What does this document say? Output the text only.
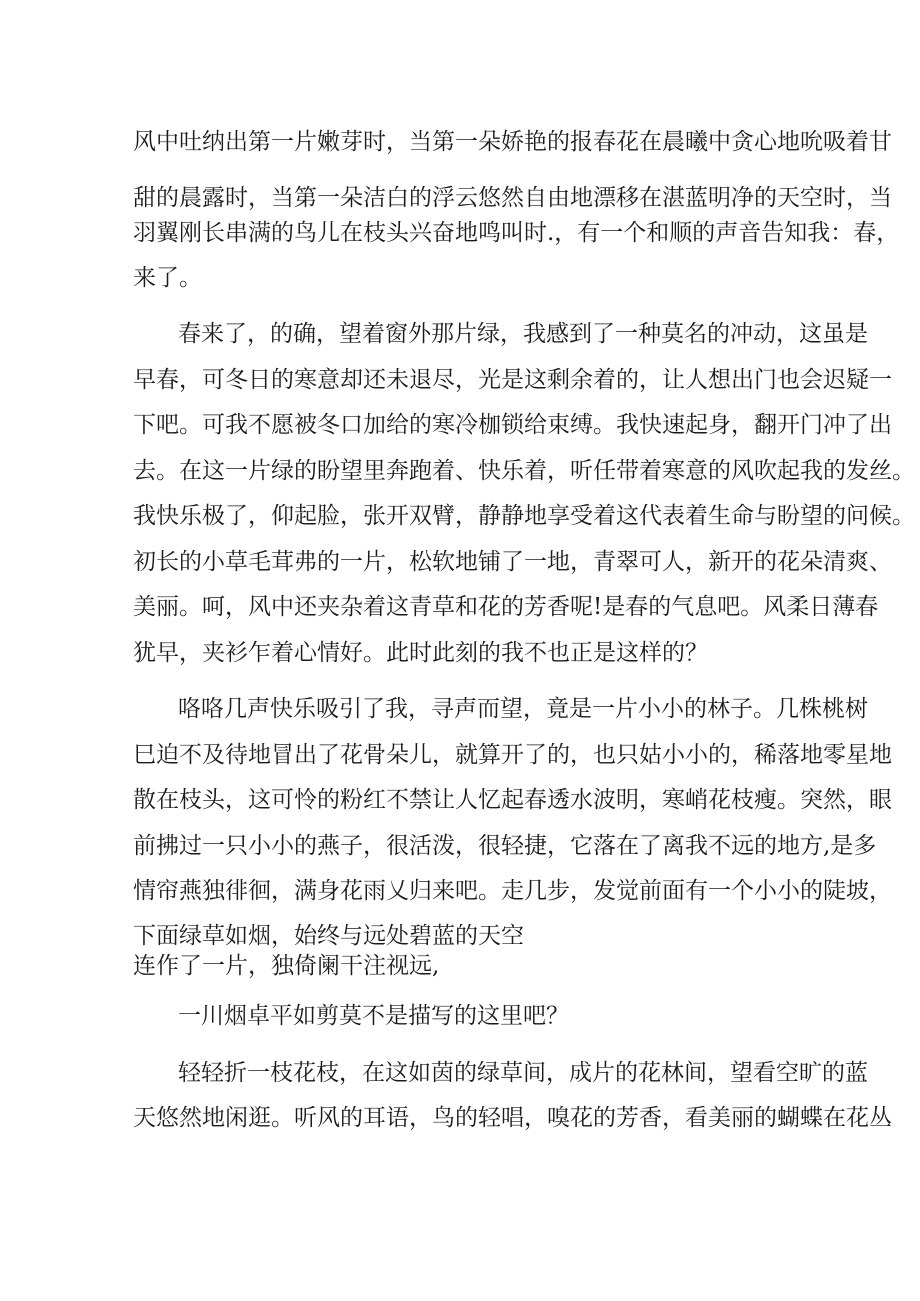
风中吐纳出第一片嫩芽时，当第一朵娇艳的报春花在晨曦中贪心地吮吸着甘

甜的晨露时，当第一朵洁白的浮云悠然自由地漂移在湛蓝明净的天空时，当

羽翼刚长串满的鸟儿在枝头兴奋地鸣叫时.，有一个和顺的声音告知我：春，

来了。

春来了，的确，望着窗外那片绿，我感到了一种莫名的冲动，这虽是

早春，可冬日的寒意却还未退尽，光是这剩余着的，让人想出门也会迟疑一

下吧。可我不愿被冬口加给的寒冷枷锁给束缚。我快速起身，翻开门冲了出

去。在这一片绿的盼望里奔跑着、快乐着，听任带着寒意的风吹起我的发丝。

我快乐极了，仰起脸，张开双臂，静静地享受着这代表着生命与盼望的问候。

初长的小草毛茸弗的一片，松软地铺了一地，青翠可人，新开的花朵清爽、

美丽。呵，风中还夹杂着这青草和花的芳香呢!是春的气息吧。风柔日薄春

犹早，夹衫乍着心情好。此时此刻的我不也正是这样的？

咯咯几声快乐吸引了我，寻声而望，竟是一片小小的林子。几株桃树

巳迫不及待地冒出了花骨朵儿，就算开了的，也只姑小小的，稀落地零星地

散在枝头，这可怜的粉红不禁让人忆起春透水波明，寒峭花枝瘦。突然，眼

前拂过一只小小的燕子，很活泼，很轻捷，它落在了离我不远的地方,是多

情帘燕独徘徊，满身花雨乂归来吧。走几步，发觉前面有一个小小的陡坡，

下面绿草如烟，始终与远处碧蓝的天空

连作了一片，独倚阑干注视远,

一川烟卓平如剪莫不是描写的这里吧？

轻轻折一枝花枝，在这如茵的绿草间，成片的花林间，望看空旷的蓝

天悠然地闲逛。听风的耳语，鸟的轻唱，嗅花的芳香，看美丽的蝴蝶在花丛
